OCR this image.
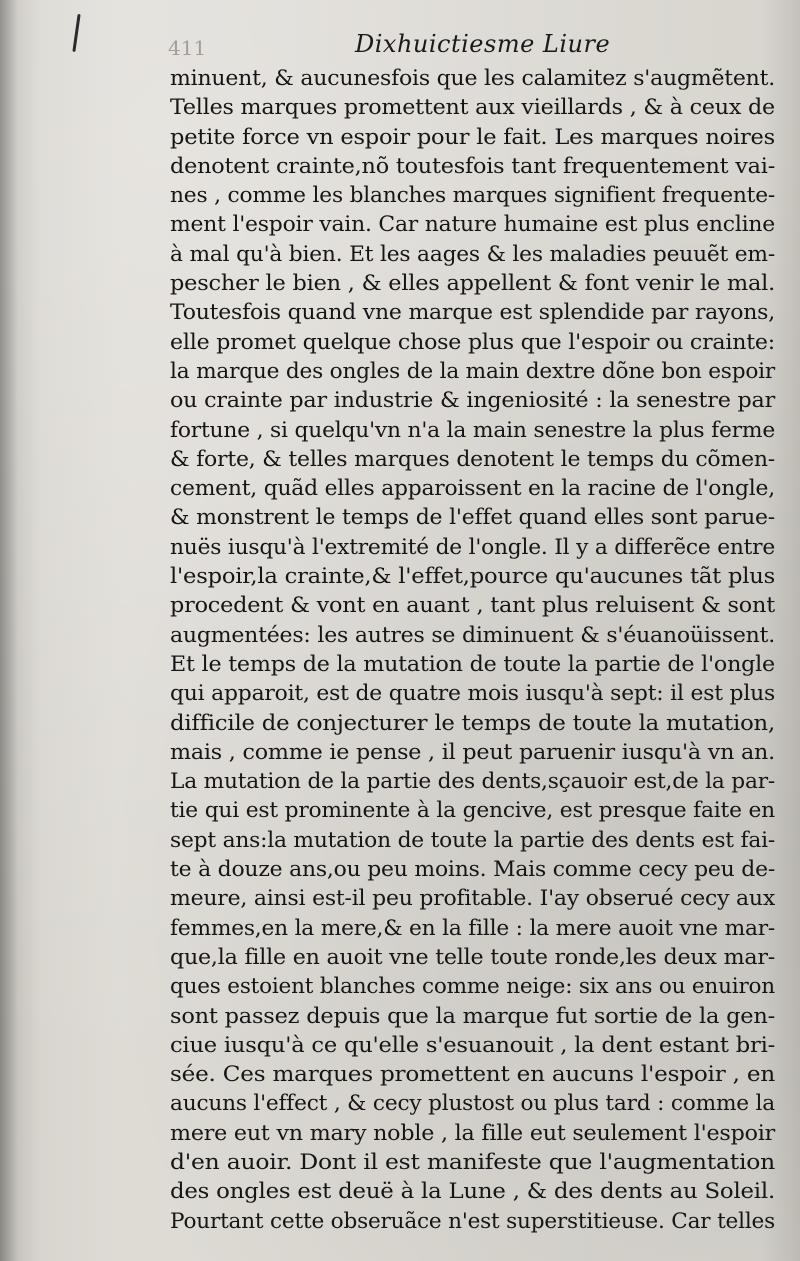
411	Dixhuictiesme Liure
minuent, & aucunesfois que les calamitez s'augmẽtent.
Telles marques promettent aux vieillards , & à ceux de
petite force vn espoir pour le fait. Les marques noires
denotent crainte,nõ toutesfois tant frequentement vai-
nes , comme les blanches marques signifient frequente-
ment l'espoir vain. Car nature humaine est plus encline
à mal qu'à bien. Et les aages & les maladies peuuẽt em-
pescher le bien , & elles appellent & font venir le mal.
Toutesfois quand vne marque est splendide par rayons,
elle promet quelque chose plus que l'espoir ou crainte:
la marque des ongles de la main dextre dõne bon espoir
ou crainte par industrie & ingeniosité : la senestre par
fortune , si quelqu'vn n'a la main senestre la plus ferme
& forte, & telles marques denotent le temps du cõmen-
cement, quãd elles apparoissent en la racine de l'ongle,
& monstrent le temps de l'effet quand elles sont parue-
nuës iusqu'à l'extremité de l'ongle. Il y a differẽce entre
l'espoir,la crainte,& l'effet,pource qu'aucunes tãt plus
procedent & vont en auant , tant plus reluisent & sont
augmentées: les autres se diminuent & s'éuanoüissent.
Et le temps de la mutation de toute la partie de l'ongle
qui apparoit, est de quatre mois iusqu'à sept: il est plus
difficile de conjecturer le temps de toute la mutation,
mais , comme ie pense , il peut paruenir iusqu'à vn an.
La mutation de la partie des dents,sçauoir est,de la par-
tie qui est prominente à la gencive, est presque faite en
sept ans:la mutation de toute la partie des dents est fai-
te à douze ans,ou peu moins. Mais comme cecy peu de-
meure, ainsi est-il peu profitable. I'ay obserué cecy aux
femmes,en la mere,& en la fille : la mere auoit vne mar-
que,la fille en auoit vne telle toute ronde,les deux mar-
ques estoient blanches comme neige: six ans ou enuiron
sont passez depuis que la marque fut sortie de la gen-
ciue iusqu'à ce qu'elle s'esuanouit , la dent estant bri-
sée. Ces marques promettent en aucuns l'espoir , en
aucuns l'effect , & cecy plustost ou plus tard : comme la
mere eut vn mary noble , la fille eut seulement l'espoir
d'en auoir. Dont il est manifeste que l'augmentation
des ongles est deuë à la Lune , & des dents au Soleil.
Pourtant cette obseruãce n'est superstitieuse. Car telles
